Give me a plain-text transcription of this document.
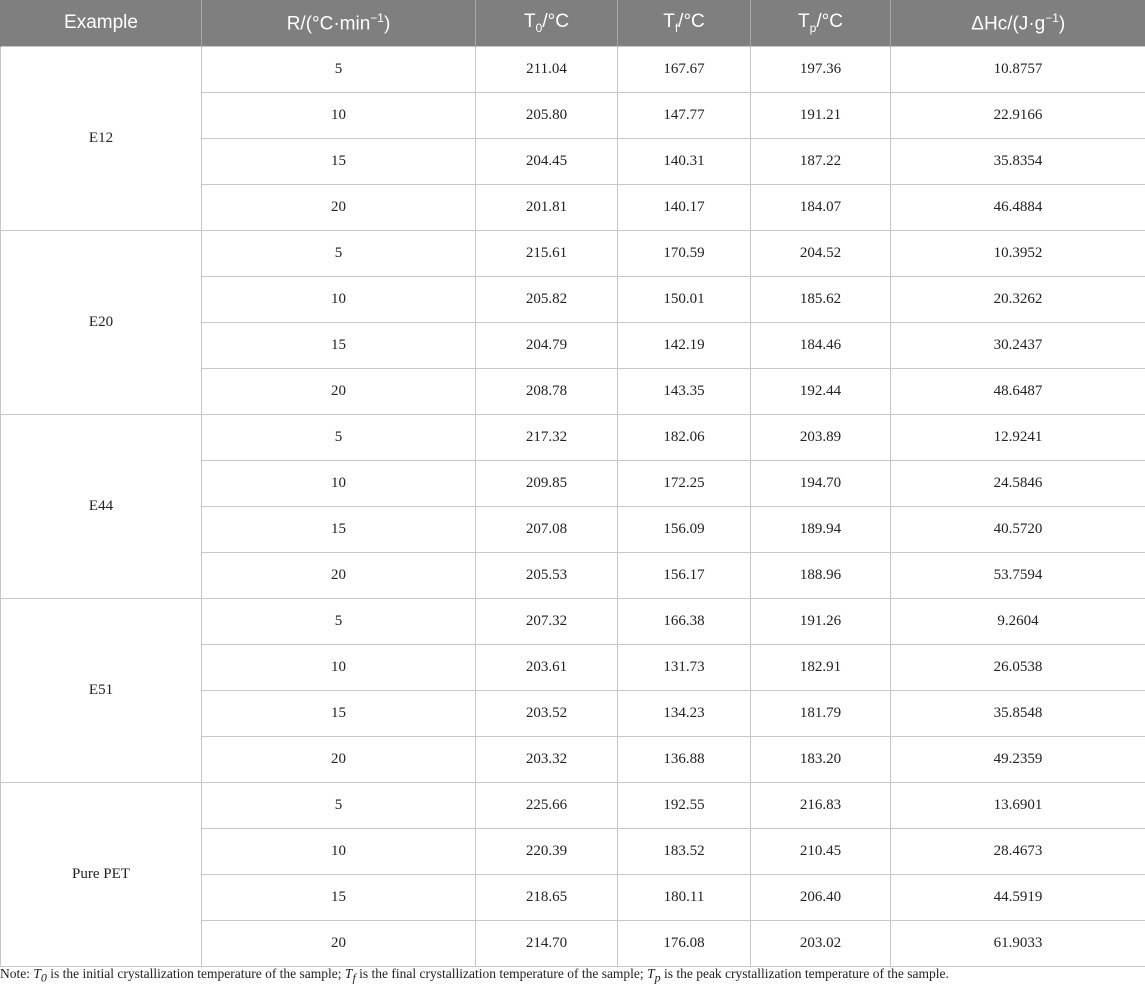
Example	$R/(^\circ C\cdot\min^{-1})$	$T_0/^\circ C$	$T_f/^\circ C$	$T_p/^\circ C$	ΔHc/$(J\cdot g^{-1})$
E12	5	211.04	167.67	197.36	10.8757
	10	205.80	147.77	191.21	22.9166
	15	204.45	140.31	187.22	35.8354
	20	201.81	140.17	184.07	46.4884
E20	5	215.61	170.59	204.52	10.3952
	10	205.82	150.01	185.62	20.3262
	15	204.79	142.19	184.46	30.2437
	20	208.78	143.35	192.44	48.6487
E44	5	217.32	182.06	203.89	12.9241
	10	209.85	172.25	194.70	24.5846
	15	207.08	156.09	189.94	40.5720
	20	205.53	156.17	188.96	53.7594
E51	5	207.32	166.38	191.26	9.2604
	10	203.61	131.73	182.91	26.0538
	15	203.52	134.23	181.79	35.8548
	20	203.32	136.88	183.20	49.2359
Pure PET	5	225.66	192.55	216.83	13.6901
	10	220.39	183.52	210.45	28.4673
	15	218.65	180.11	206.40	44.5919
	20	214.70	176.08	203.02	61.9033

Note: $T_0$ is the initial crystallization temperature of the sample; $T_f$ is the final crystallization temperature of the sample; $T_p$ is the peak crystallization temperature of the sample.
